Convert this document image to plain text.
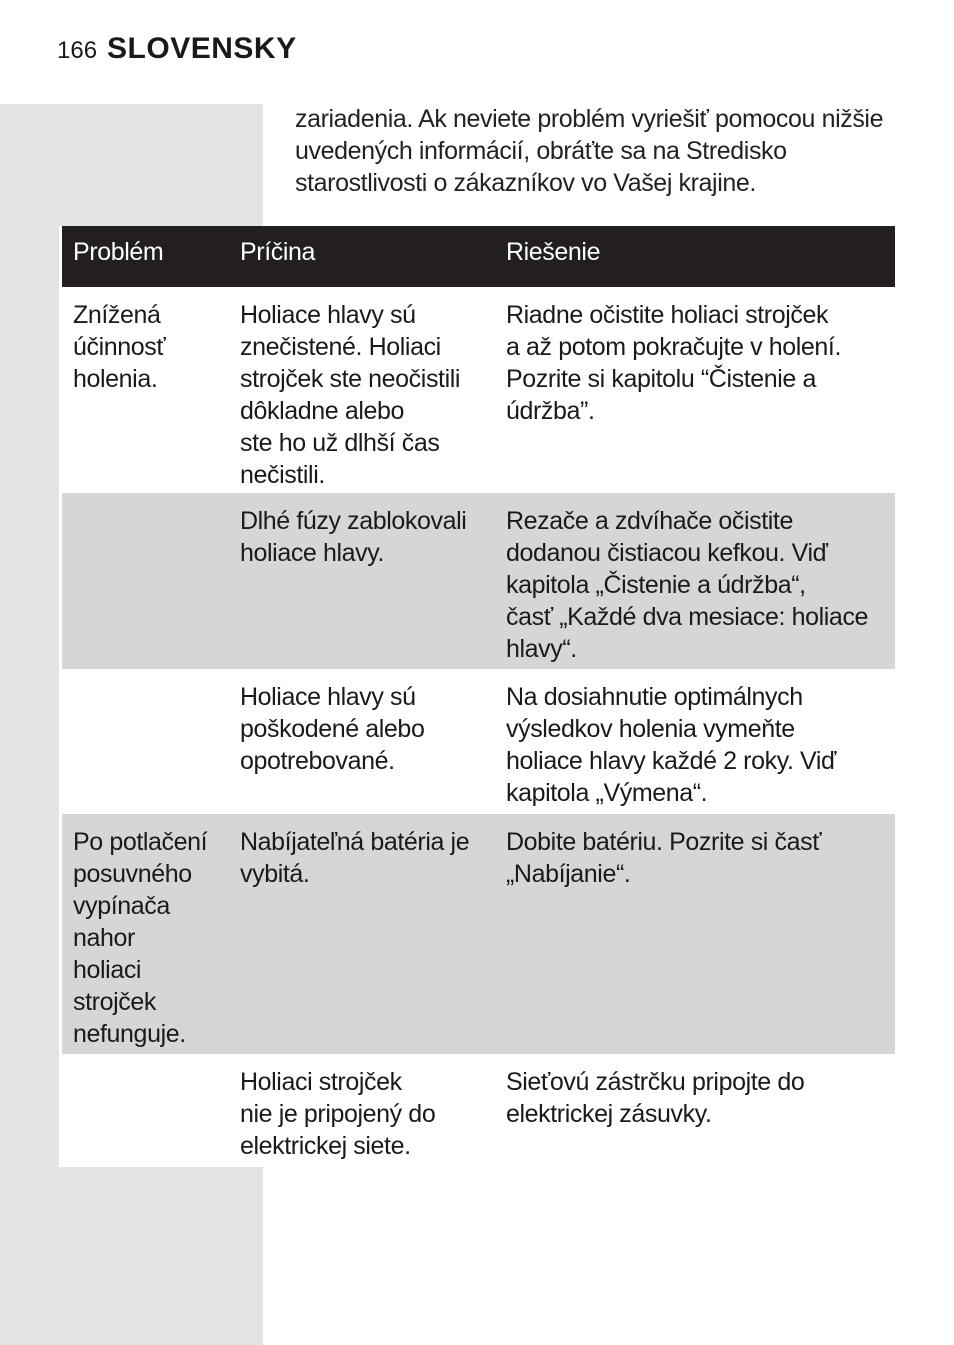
166 SLOVENSKY

zariadenia. Ak neviete problém vyriešiť pomocou nižšie uvedených informácií, obráťte sa na Stredisko starostlivosti o zákazníkov vo Vašej krajine.

Problém	Príčina	Riešenie
Znížená
účinnosť
holenia.
Holiace hlavy sú
znečistené. Holiaci
strojček ste neočistili
dôkladne alebo
ste ho už dlhší čas
nečistili.
Riadne očistite holiaci strojček
a až potom pokračujte v holení.
Pozrite si kapitolu “Čistenie a
údržba”.
Dlhé fúzy zablokovali
holiace hlavy.
Rezače a zdvíhače očistite
dodanou čistiacou kefkou. Viď
kapitola „Čistenie a údržba“,
časť „Každé dva mesiace: holiace
hlavy“.
Holiace hlavy sú
poškodené alebo
opotrebované.
Na dosiahnutie optimálnych
výsledkov holenia vymeňte
holiace hlavy každé 2 roky. Viď
kapitola „Výmena“.
Po potlačení
posuvného
vypínača
nahor
holiaci
strojček
nefunguje.
Nabíjateľná batéria je
vybitá.
Dobite batériu. Pozrite si časť
„Nabíjanie“.
Holiaci strojček
nie je pripojený do
elektrickej siete.
Sieťovú zástrčku pripojte do
elektrickej zásuvky.
